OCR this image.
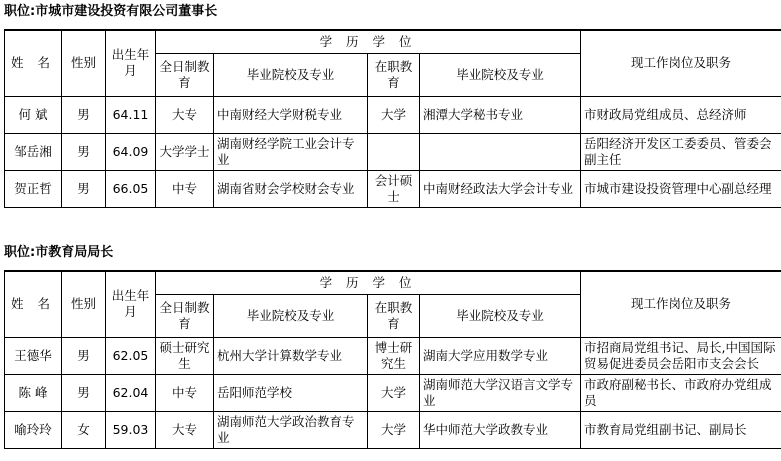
职位:市城市建设投资有限公司董事长
姓 名	性别	出生年月	学 历 学 位				现工作岗位及职务
			全日制教育	毕业院校及专业	在职教育	毕业院校及专业	
何 斌	男	64.11	大专	中南财经大学财税专业	大学	湘潭大学秘书专业	市财政局党组成员、总经济师
邹岳湘	男	64.09	大学学士	湖南财经学院工业会计专业			岳阳经济开发区工委委员、管委会副主任
贺正哲	男	66.05	中专	湖南省财会学校财会专业	会计硕士	中南财经政法大学会计专业	市城市建设投资管理中心副总经理
职位:市教育局局长
姓 名	性别	出生年月	学 历 学 位				现工作岗位及职务
			全日制教育	毕业院校及专业	在职教育	毕业院校及专业	
王德华	男	62.05	硕士研究生	杭州大学计算数学专业	博士研究生	湖南大学应用数学专业	市招商局党组书记、局长,中国国际贸易促进委员会岳阳市支会会长
陈 峰	男	62.04	中专	岳阳师范学校	大学	湖南师范大学汉语言文学专业	市政府副秘书长、市政府办党组成员
喻玲玲	女	59.03	大专	湖南师范大学政治教育专业	大学	华中师范大学政教专业	市教育局党组副书记、副局长
